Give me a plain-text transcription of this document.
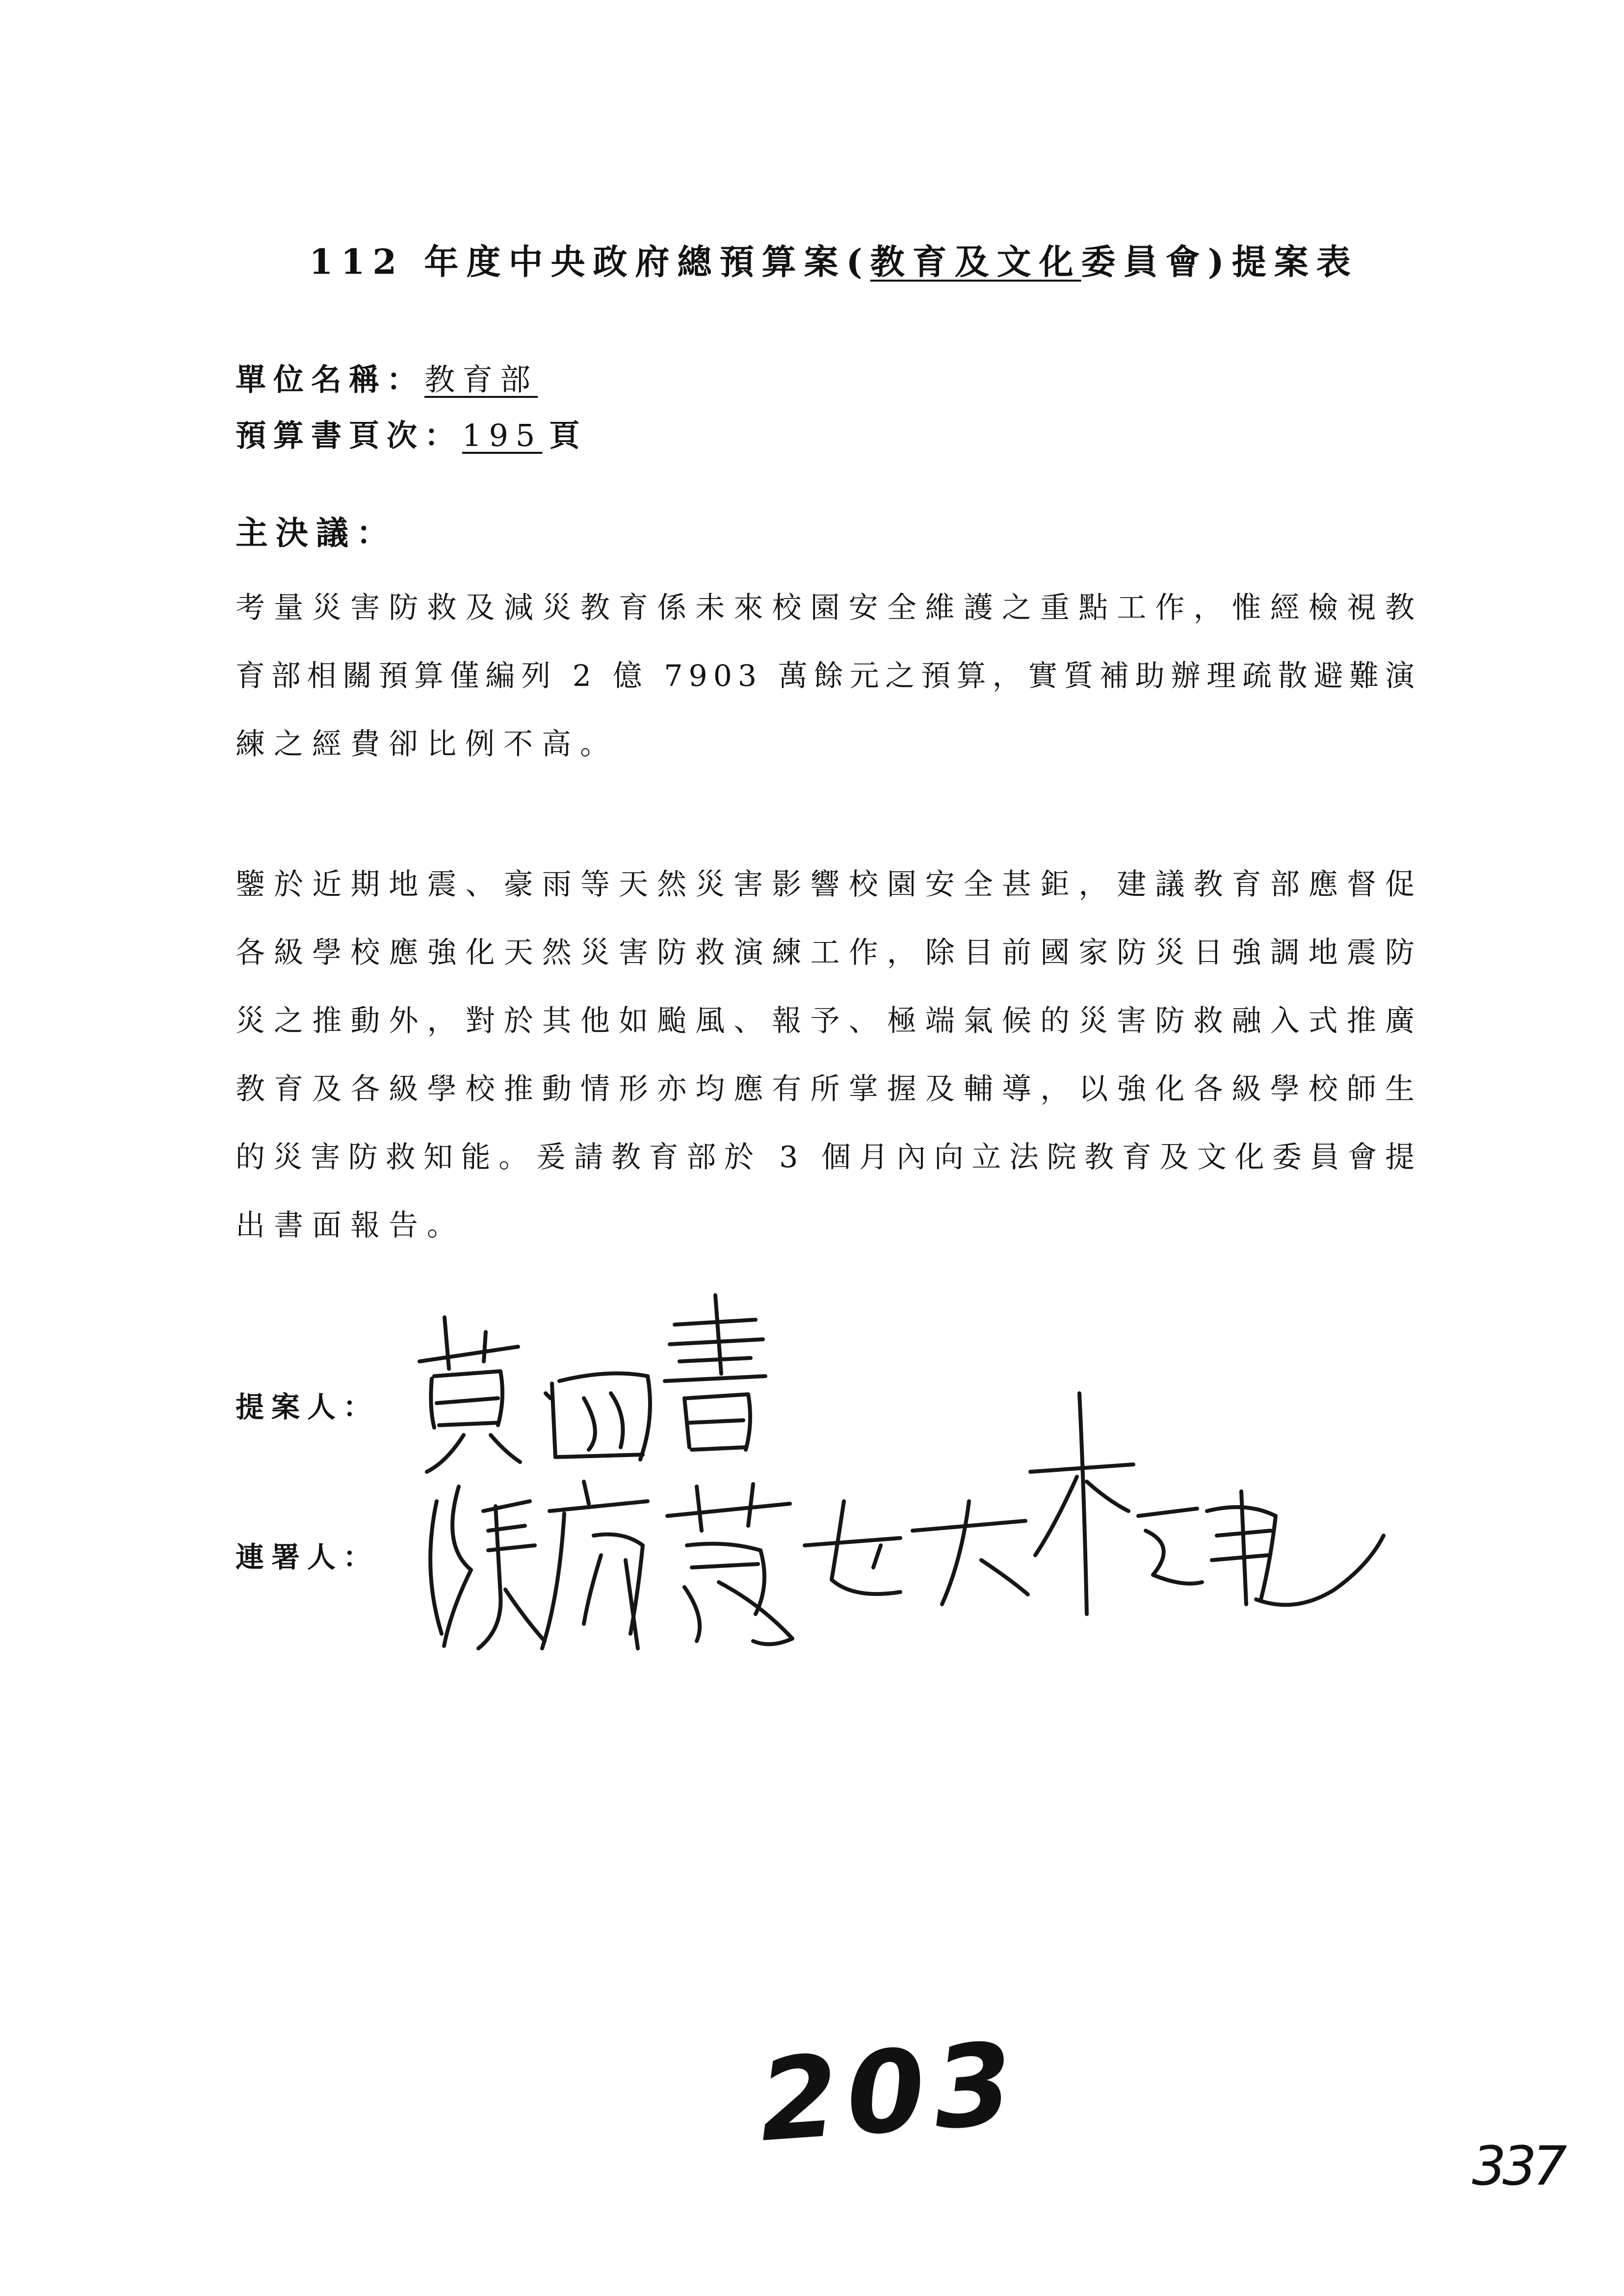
112 年度中央政府總預算案(教育及文化委員會)提案表
單位名稱：教育部
預算書頁次：195 頁
主決議：
考量災害防救及減災教育係未來校園安全維護之重點工作，惟經檢視教
育部相關預算僅編列 2 億 7903 萬餘元之預算，實質補助辦理疏散避難演
練之經費卻比例不高。
鑒於近期地震、豪雨等天然災害影響校園安全甚鉅，建議教育部應督促
各級學校應強化天然災害防救演練工作，除目前國家防災日強調地震防
災之推動外，對於其他如颱風、報予、極端氣候的災害防救融入式推廣
教育及各級學校推動情形亦均應有所掌握及輔導，以強化各級學校師生
的災害防救知能。爰請教育部於 3 個月內向立法院教育及文化委員會提
出書面報告。
提案人：
連署人：
203	337
